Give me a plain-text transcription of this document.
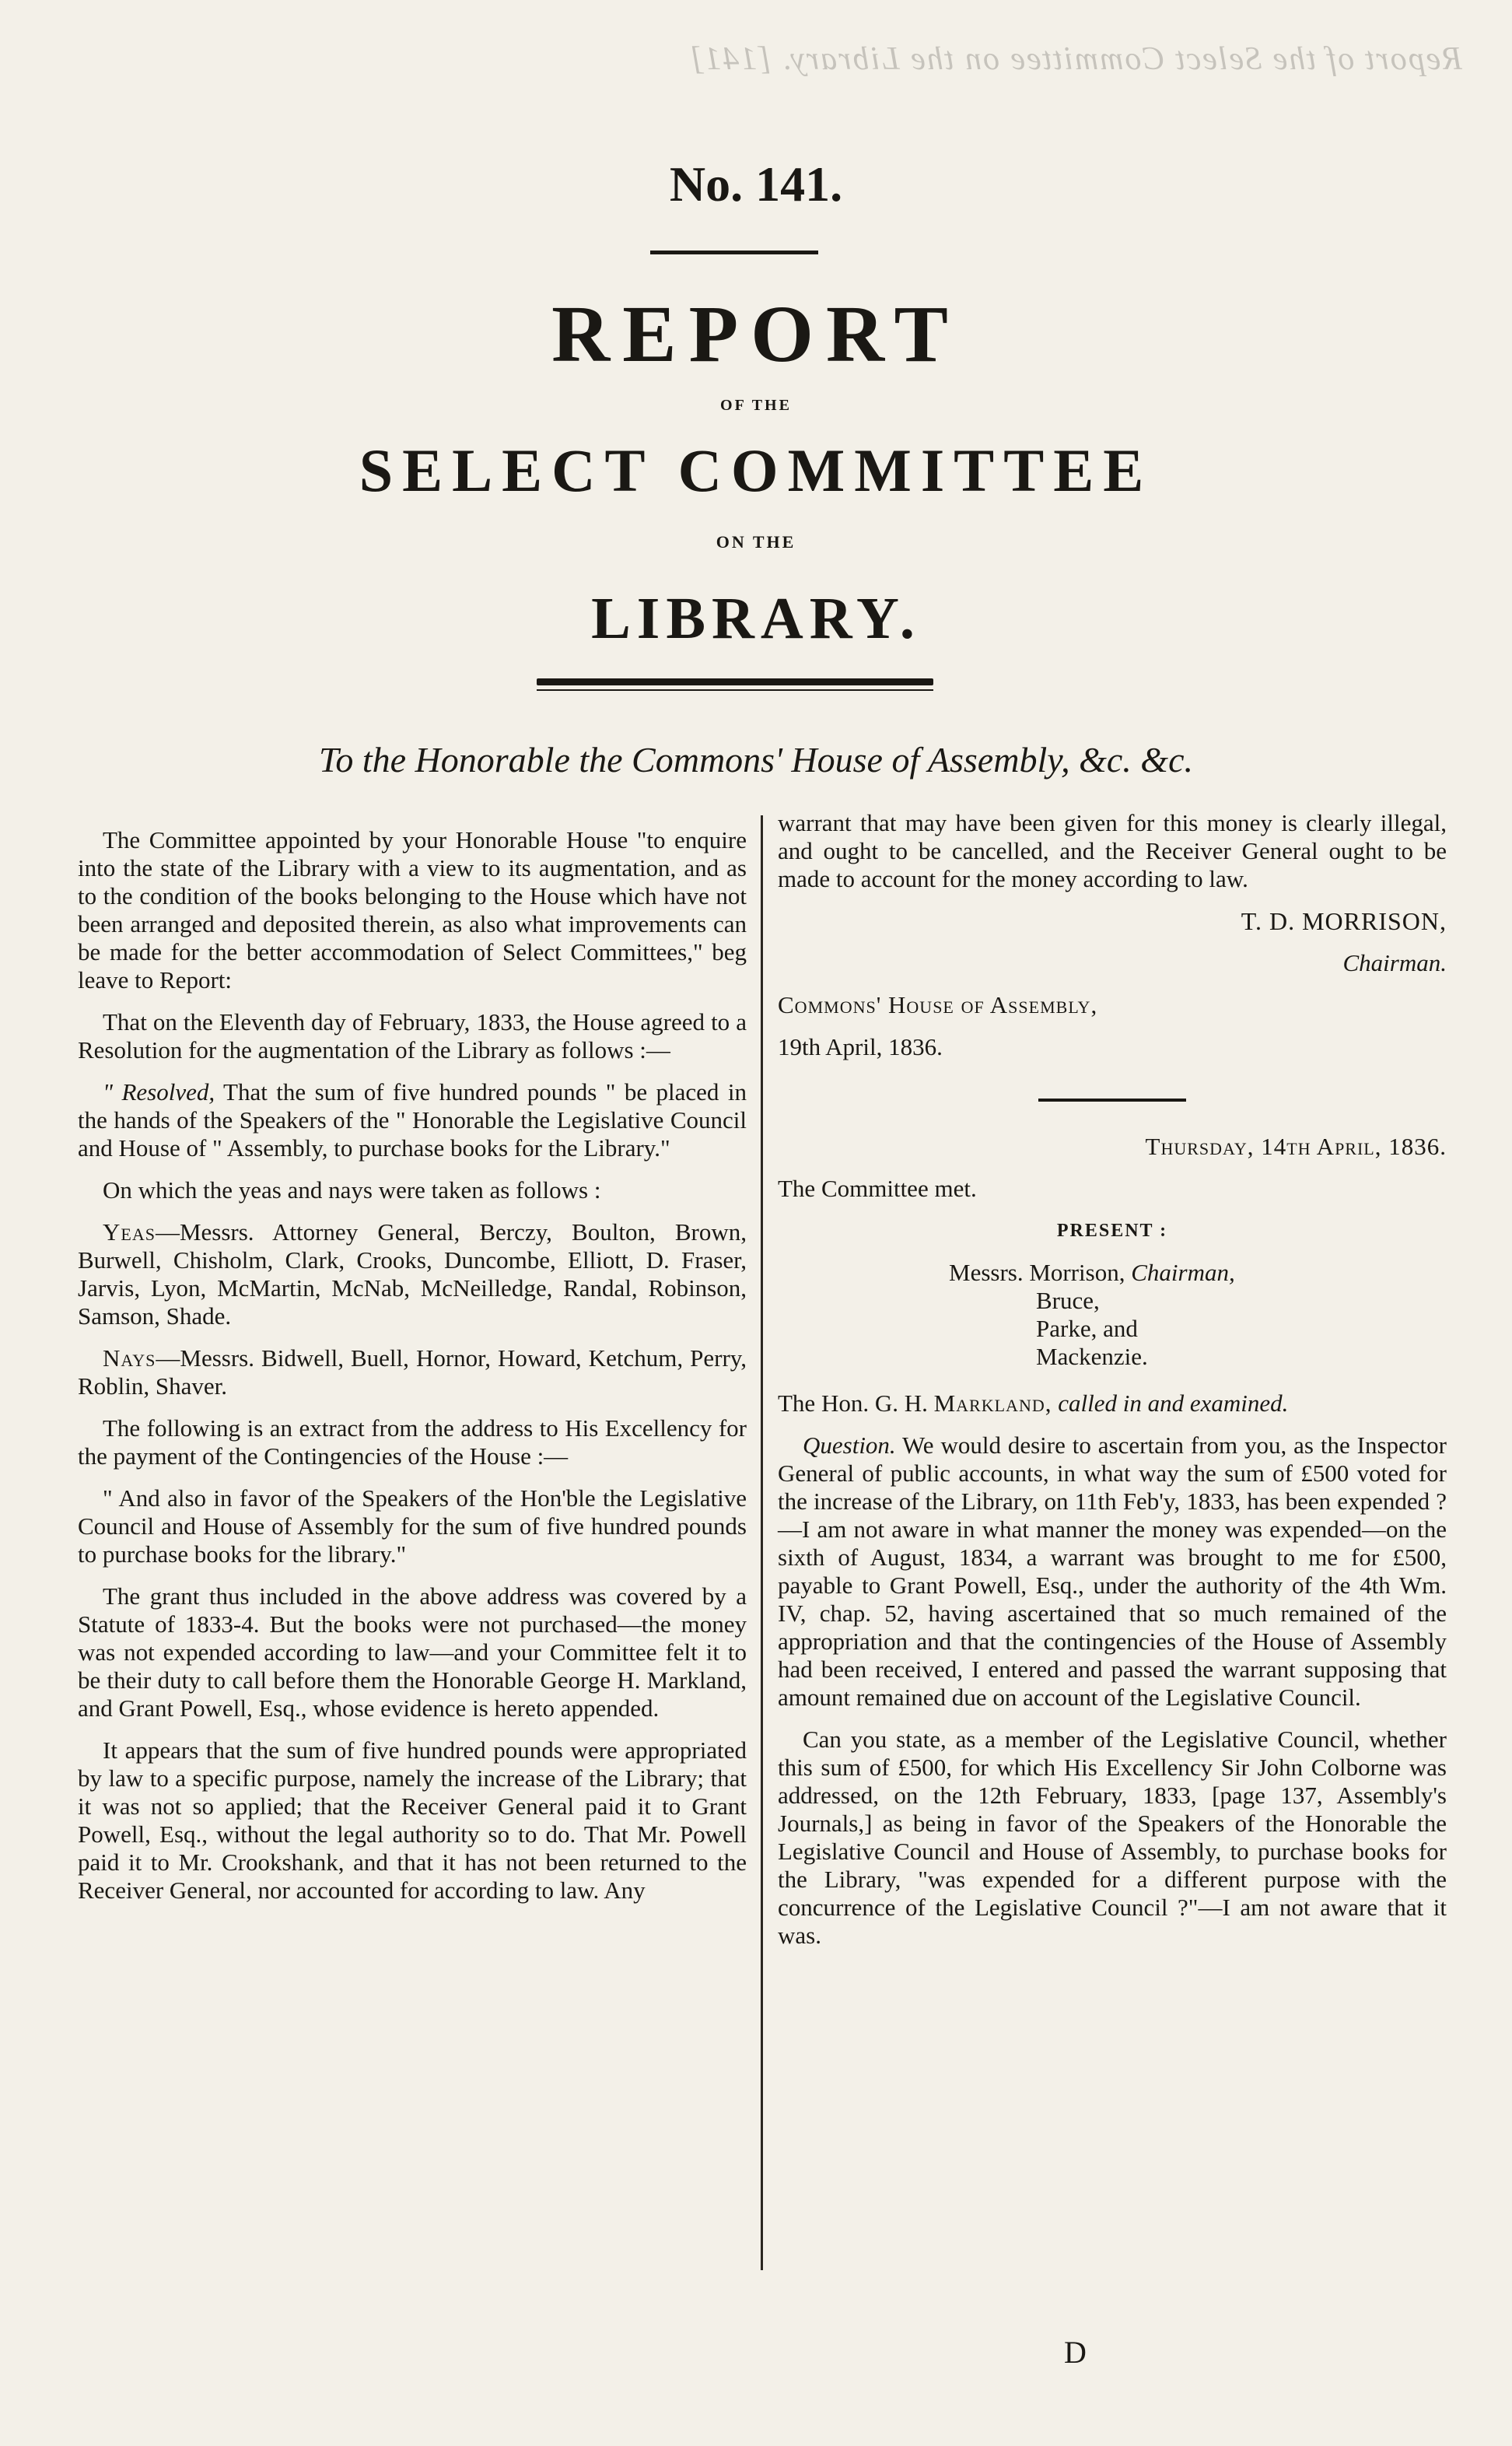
Report of the Select Committee on the Library. [141]
No. 141.
REPORT
OF THE
SELECT COMMITTEE
ON THE
LIBRARY.
To the Honorable the Commons' House of Assembly, &c. &c.

The Committee appointed by your Honorable House "to enquire into the state of the Library with a view to its augmentation, and as to the condition of the books belonging to the House which have not been arranged and deposited therein, as also what improvements can be made for the better accommodation of Select Committees," beg leave to Report:

That on the Eleventh day of February, 1833, the House agreed to a Resolution for the augmentation of the Library as follows :—

" Resolved, That the sum of five hundred pounds " be placed in the hands of the Speakers of the " Honorable the Legislative Council and House of " Assembly, to purchase books for the Library."

On which the yeas and nays were taken as follows :

Yeas—Messrs. Attorney General, Berczy, Boulton, Brown, Burwell, Chisholm, Clark, Crooks, Duncombe, Elliott, D. Fraser, Jarvis, Lyon, McMartin, McNab, McNeilledge, Randal, Robinson, Samson, Shade.

Nays—Messrs. Bidwell, Buell, Hornor, Howard, Ketchum, Perry, Roblin, Shaver.

The following is an extract from the address to His Excellency for the payment of the Contingencies of the House :—

" And also in favor of the Speakers of the Hon'ble the Legislative Council and House of Assembly for the sum of five hundred pounds to purchase books for the library."

The grant thus included in the above address was covered by a Statute of 1833-4. But the books were not purchased—the money was not expended according to law—and your Committee felt it to be their duty to call before them the Honorable George H. Markland, and Grant Powell, Esq., whose evidence is hereto appended.

It appears that the sum of five hundred pounds were appropriated by law to a specific purpose, namely the increase of the Library; that it was not so applied; that the Receiver General paid it to Grant Powell, Esq., without the legal authority so to do. That Mr. Powell paid it to Mr. Crookshank, and that it has not been returned to the Receiver General, nor accounted for according to law. Any

warrant that may have been given for this money is clearly illegal, and ought to be cancelled, and the Receiver General ought to be made to account for the money according to law.

T. D. MORRISON,

Chairman.

Commons' House of Assembly,

19th April, 1836.

Thursday, 14th April, 1836.

The Committee met.

PRESENT :

Messrs. Morrison, Chairman,
Bruce,
Parke, and
Mackenzie.

The Hon. G. H. Markland, called in and examined.

Question. We would desire to ascertain from you, as the Inspector General of public accounts, in what way the sum of £500 voted for the increase of the Library, on 11th Feb'y, 1833, has been expended ?—I am not aware in what manner the money was expended—on the sixth of August, 1834, a warrant was brought to me for £500, payable to Grant Powell, Esq., under the authority of the 4th Wm. IV, chap. 52, having ascertained that so much remained of the appropriation and that the contingencies of the House of Assembly had been received, I entered and passed the warrant supposing that amount remained due on account of the Legislative Council.

Can you state, as a member of the Legislative Council, whether this sum of £500, for which His Excellency Sir John Colborne was addressed, on the 12th February, 1833, [page 137, Assembly's Journals,] as being in favor of the Speakers of the Honorable the Legislative Council and House of Assembly, to purchase books for the Library, "was expended for a different purpose with the concurrence of the Legislative Council ?"—I am not aware that it was.

D
